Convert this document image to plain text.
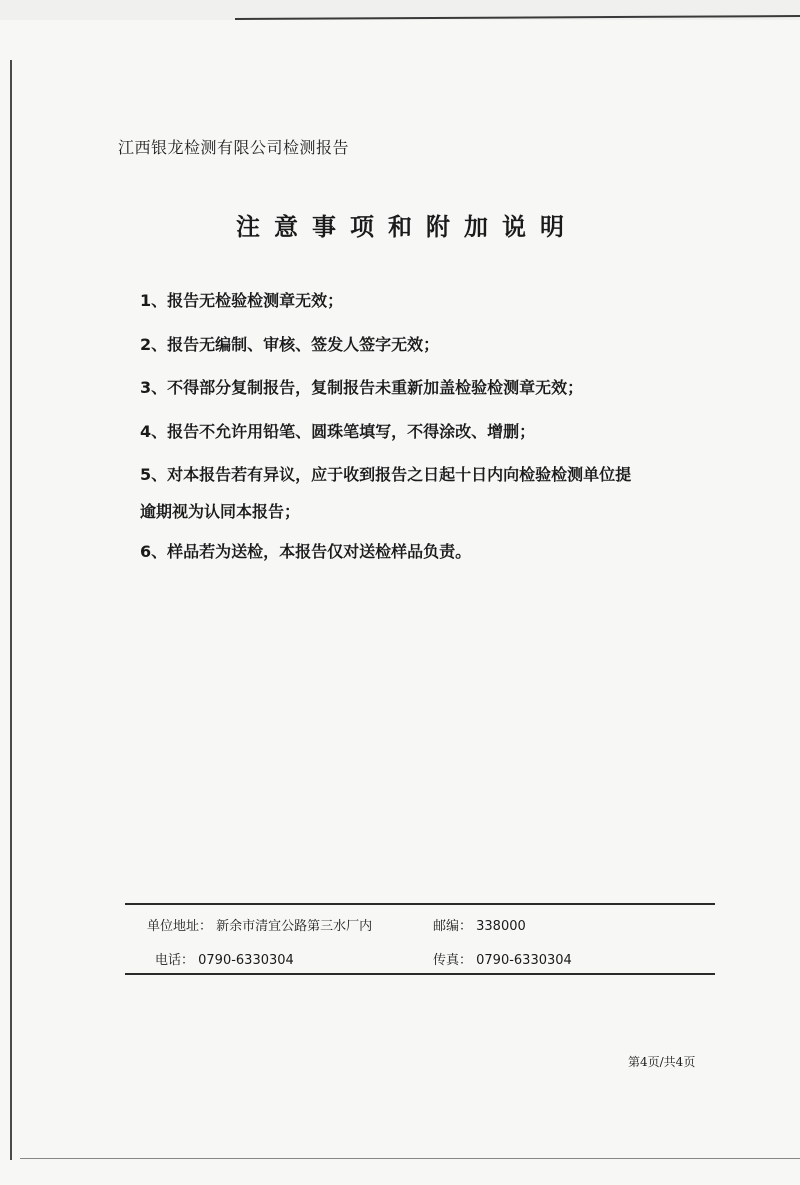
江西银龙检测有限公司检测报告
注意事项和附加说明

1、报告无检验检测章无效；

2、报告无编制、审核、签发人签字无效；

3、不得部分复制报告，复制报告未重新加盖检验检测章无效；

4、报告不允许用铅笔、圆珠笔填写，不得涂改、增删；

5、对本报告若有异议，应于收到报告之日起十日内向检验检测单位提

逾期视为认同本报告；

6、样品若为送检，本报告仅对送检样品负责。

单位地址： 新余市清宜公路第三水厂内	邮编： 338000
电话： 0790-6330304	传真： 0790-6330304
第4页/共4页
